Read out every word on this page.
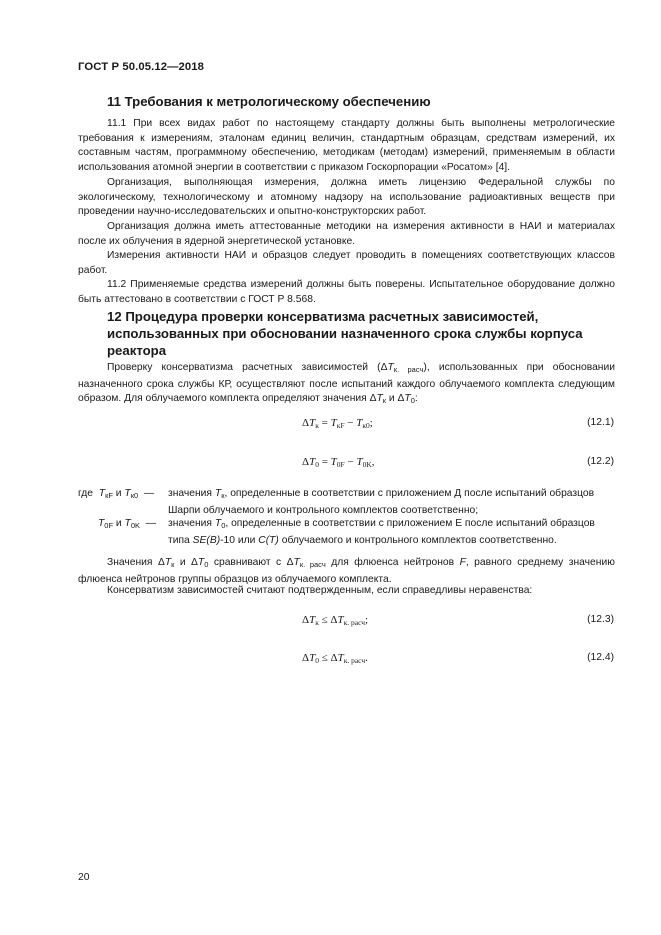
ГОСТ Р 50.05.12—2018
11 Требования к метрологическому обеспечению
11.1 При всех видах работ по настоящему стандарту должны быть выполнены метрологические требования к измерениям, эталонам единиц величин, стандартным образцам, средствам измерений, их составным частям, программному обеспечению, методикам (методам) измерений, применяемым в области использования атомной энергии в соответствии с приказом Госкорпорации «Росатом» [4].
Организация, выполняющая измерения, должна иметь лицензию Федеральной службы по экологическому, технологическому и атомному надзору на использование радиоактивных веществ при проведении научно-исследовательских и опытно-конструкторских работ.
Организация должна иметь аттестованные методики на измерения активности в НАИ и материалах после их облучения в ядерной энергетической установке.
Измерения активности НАИ и образцов следует проводить в помещениях соответствующих классов работ.
11.2 Применяемые средства измерений должны быть поверены. Испытательное оборудование должно быть аттестовано в соответствии с ГОСТ Р 8.568.
12 Процедура проверки консерватизма расчетных зависимостей,
использованных при обосновании назначенного срока службы корпуса
реактора
Проверку консерватизма расчетных зависимостей $(\Delta T_{к. расч})$, использованных при обосновании назначенного срока службы КР, осуществляют после испытаний каждого облучаемого комплекта следующим образом. Для облучаемого комплекта определяют значения $\Delta T_к$ и $\Delta T_0$:
$\Delta T_к = T_{кF} - T_{к0}$;	(12.1)
$\Delta T_0 = T_{0F} - T_{0K}$,	(12.2)
где $T_{кF}$ и $T_{к0}$  — значения $T_к$, определенные в соответствии с приложением Д после испытаний образцов Шарпи облучаемого и контрольного комплектов соответственно;
$T_{0F}$ и $T_{0K}$  — значения $T_0$, определенные в соответствии с приложением Е после испытаний образцов типа SE(B)-10 или C(T) облучаемого и контрольного комплектов соответственно.
Значения $\Delta T_к$ и $\Delta T_0$ сравнивают с $\Delta T_{к. расч}$ для флюенса нейтронов F, равного среднему значению флюенса нейтронов группы образцов из облучаемого комплекта.
Консерватизм зависимостей считают подтвержденным, если справедливы неравенства:
$\Delta T_к \le \Delta T_{к. расч}$;	(12.3)
$\Delta T_0 \le \Delta T_{к. расч}$.	(12.4)
20
